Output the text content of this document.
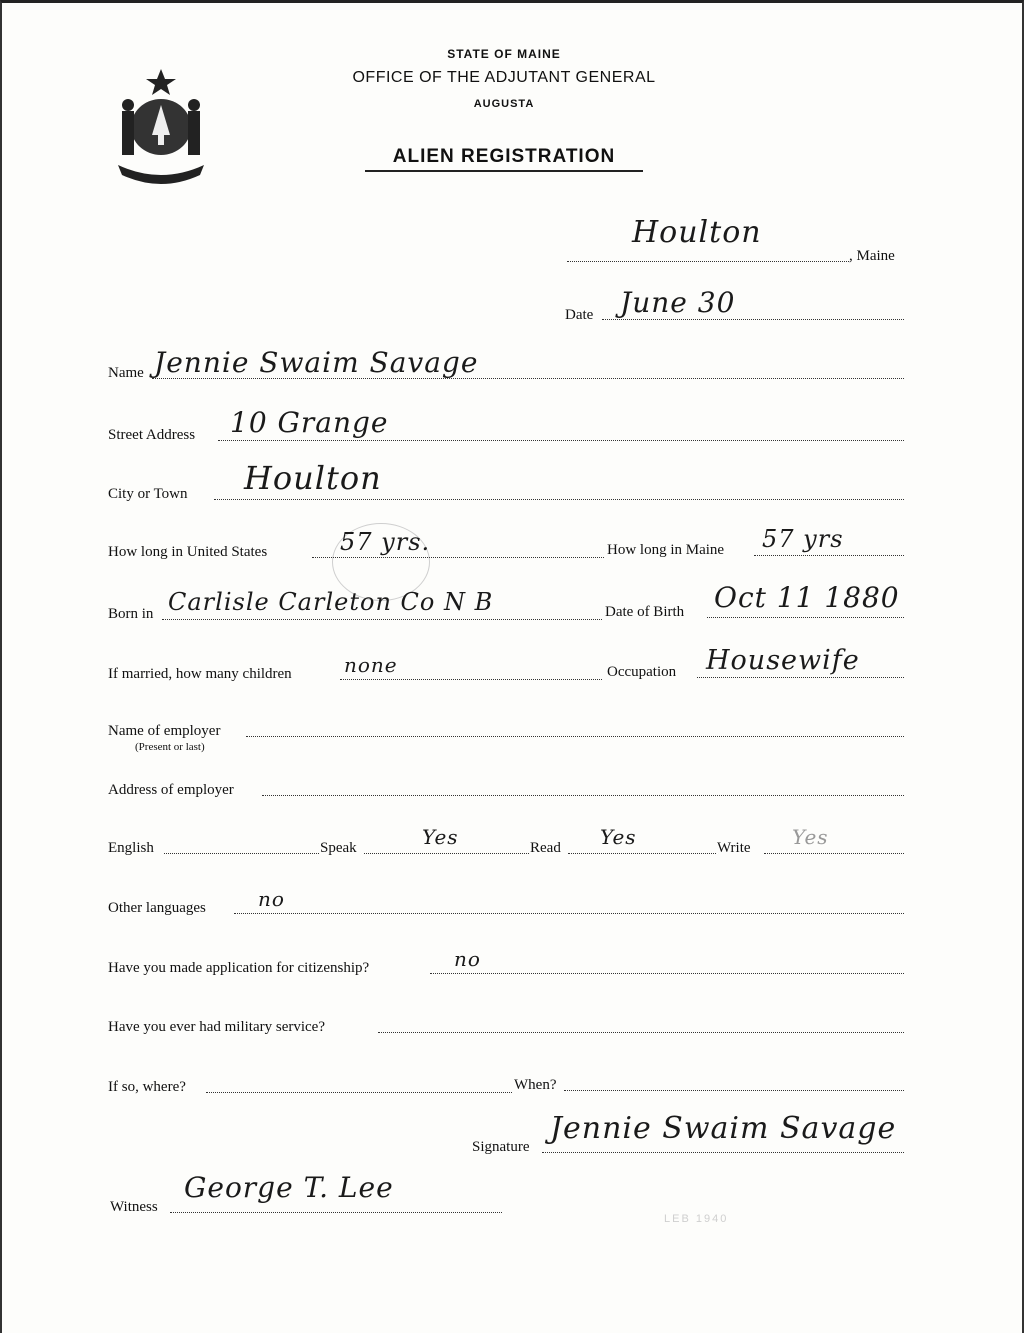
STATE OF MAINE
OFFICE OF THE ADJUTANT GENERAL
AUGUSTA
ALIEN REGISTRATION
Houlton
, Maine
Date June 30
Name Jennie Swaim Savage
Street Address 10 Grange
City or Town Houlton
How long in United States	57 yrs.	How long in Maine 57 yrs
Born in Carlisle Carleton Co N B	Date of Birth Oct 11 1880
If married, how many children	none	Occupation Housewife
Name of employer
(Present or last)
Address of employer
English	Speak	Yes	Read Yes	Write Yes
Other languages	no
Have you made application for citizenship?	no
Have you ever had military service?
If so, where?	When?
Signature
Jennie Swaim Savage
Witness
George T. Lee
LEB 1940
